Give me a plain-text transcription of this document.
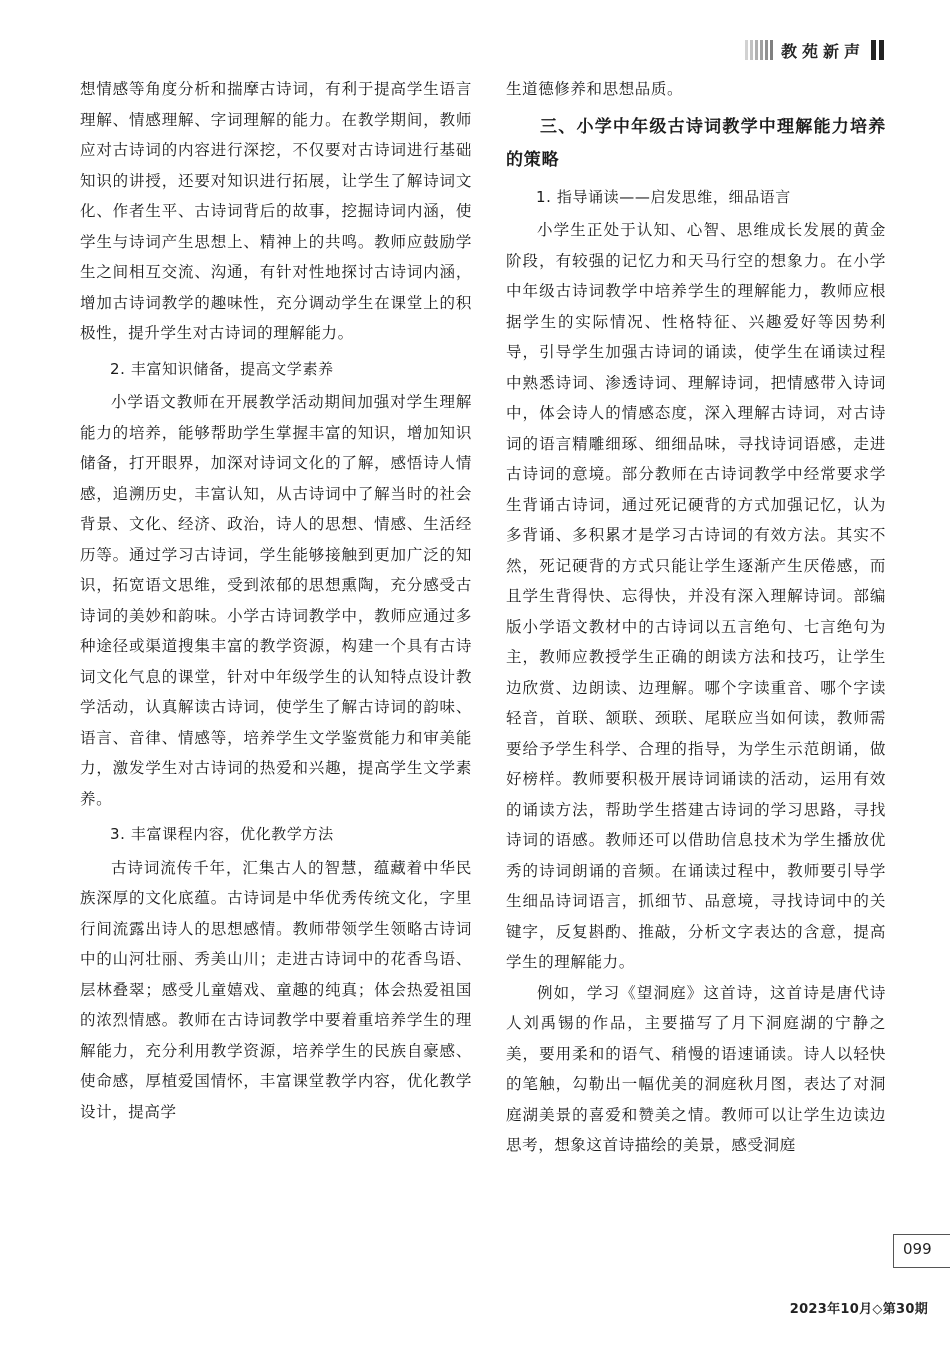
教苑新声

想情感等角度分析和揣摩古诗词，有利于提高学生语言理解、情感理解、字词理解的能力。在教学期间，教师应对古诗词的内容进行深挖，不仅要对古诗词进行基础知识的讲授，还要对知识进行拓展，让学生了解诗词文化、作者生平、古诗词背后的故事，挖掘诗词内涵，使学生与诗词产生思想上、精神上的共鸣。教师应鼓励学生之间相互交流、沟通，有针对性地探讨古诗词内涵，增加古诗词教学的趣味性，充分调动学生在课堂上的积极性，提升学生对古诗词的理解能力。

2. 丰富知识储备，提高文学素养

小学语文教师在开展教学活动期间加强对学生理解能力的培养，能够帮助学生掌握丰富的知识，增加知识储备，打开眼界，加深对诗词文化的了解，感悟诗人情感，追溯历史，丰富认知，从古诗词中了解当时的社会背景、文化、经济、政治，诗人的思想、情感、生活经历等。通过学习古诗词，学生能够接触到更加广泛的知识，拓宽语文思维，受到浓郁的思想熏陶，充分感受古诗词的美妙和韵味。小学古诗词教学中，教师应通过多种途径或渠道搜集丰富的教学资源，构建一个具有古诗词文化气息的课堂，针对中年级学生的认知特点设计教学活动，认真解读古诗词，使学生了解古诗词的韵味、语言、音律、情感等，培养学生文学鉴赏能力和审美能力，激发学生对古诗词的热爱和兴趣，提高学生文学素养。

3. 丰富课程内容，优化教学方法

古诗词流传千年，汇集古人的智慧，蕴藏着中华民族深厚的文化底蕴。古诗词是中华优秀传统文化，字里行间流露出诗人的思想感情。教师带领学生领略古诗词中的山河壮丽、秀美山川；走进古诗词中的花香鸟语、层林叠翠；感受儿童嬉戏、童趣的纯真；体会热爱祖国的浓烈情感。教师在古诗词教学中要着重培养学生的理解能力，充分利用教学资源，培养学生的民族自豪感、使命感，厚植爱国情怀，丰富课堂教学内容，优化教学设计，提高学

生道德修养和思想品质。

三、小学中年级古诗词教学中理解能力培养的策略

1. 指导诵读——启发思维，细品语言

小学生正处于认知、心智、思维成长发展的黄金阶段，有较强的记忆力和天马行空的想象力。在小学中年级古诗词教学中培养学生的理解能力，教师应根据学生的实际情况、性格特征、兴趣爱好等因势利导，引导学生加强古诗词的诵读，使学生在诵读过程中熟悉诗词、渗透诗词、理解诗词，把情感带入诗词中，体会诗人的情感态度，深入理解古诗词，对古诗词的语言精雕细琢、细细品味，寻找诗词语感，走进古诗词的意境。部分教师在古诗词教学中经常要求学生背诵古诗词，通过死记硬背的方式加强记忆，认为多背诵、多积累才是学习古诗词的有效方法。其实不然，死记硬背的方式只能让学生逐渐产生厌倦感，而且学生背得快、忘得快，并没有深入理解诗词。部编版小学语文教材中的古诗词以五言绝句、七言绝句为主，教师应教授学生正确的朗读方法和技巧，让学生边欣赏、边朗读、边理解。哪个字读重音、哪个字读轻音，首联、颔联、颈联、尾联应当如何读，教师需要给予学生科学、合理的指导，为学生示范朗诵，做好榜样。教师要积极开展诗词诵读的活动，运用有效的诵读方法，帮助学生搭建古诗词的学习思路，寻找诗词的语感。教师还可以借助信息技术为学生播放优秀的诗词朗诵的音频。在诵读过程中，教师要引导学生细品诗词语言，抓细节、品意境，寻找诗词中的关键字，反复斟酌、推敲，分析文字表达的含意，提高学生的理解能力。

例如，学习《望洞庭》这首诗，这首诗是唐代诗人刘禹锡的作品，主要描写了月下洞庭湖的宁静之美，要用柔和的语气、稍慢的语速诵读。诗人以轻快的笔触，勾勒出一幅优美的洞庭秋月图，表达了对洞庭湖美景的喜爱和赞美之情。教师可以让学生边读边思考，想象这首诗描绘的美景，感受洞庭

099
2023年10月◇第30期
